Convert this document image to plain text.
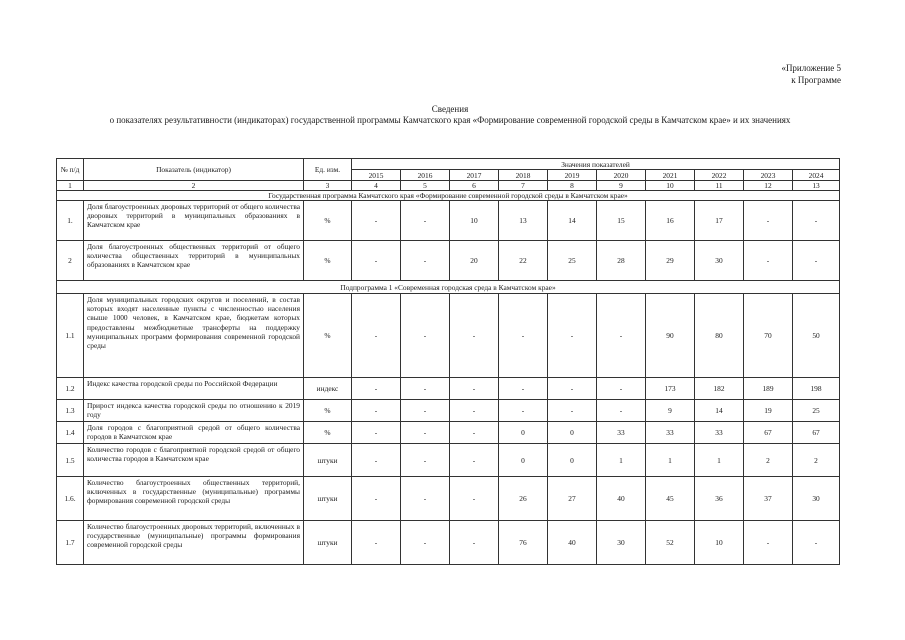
«Приложение 5
к Программе
Сведения
о показателях результативности (индикаторах) государственной программы Камчатского края «Формирование современной городской среды в Камчатском крае» и их значениях
№ п/д	Показатель (индикатор)	Ед. изм.	Значения показателей									
			2015	2016	2017	2018	2019	2020	2021	2022	2023	2024
1	2	3	4	5	6	7	8	9	10	11	12	13
Государственная программа Камчатского края «Формирование современной городской среды в Камчатском крае»												
1.	Доля благоустроенных дворовых территорий от общего количества дворовых территорий в муниципальных образованиях в Камчатском крае	%	-	-	10	13	14	15	16	17	-	-
2	Доля благоустроенных общественных территорий от общего количества общественных территорий в муниципальных образованиях в Камчатском крае	%	-	-	20	22	25	28	29	30	-	-
Подпрограмма 1 «Современная городская среда в Камчатском крае»												
1.1	Доля муниципальных городских округов и поселений, в состав которых входят населенные пункты с численностью населения свыше 1000 человек, в Камчатском крае, бюджетам которых предоставлены межбюджетные трансферты на поддержку муниципальных программ формирования современной городской среды	%	-	-	-	-	-	-	90	80	70	50
1.2	Индекс качества городской среды по Российской Федерации	индекс	-	-	-	-	-	-	173	182	189	198
1.3	Прирост индекса качества городской среды по отношению к 2019 году	%	-	-	-	-	-	-	9	14	19	25
1.4	Доля городов с благоприятной средой от общего количества городов в Камчатском крае	%	-	-	-	0	0	33	33	33	67	67
1.5	Количество городов с благоприятной городской средой от общего количества городов в Камчатском крае	штуки	-	-	-	0	0	1	1	1	2	2
1.6.	Количество благоустроенных общественных территорий, включенных в государственные (муниципальные) программы формирования современной городской среды	штуки	-	-	-	26	27	40	45	36	37	30
1.7	Количество благоустроенных дворовых территорий, включенных в государственные (муниципальные) программы формирования современной городской среды	штуки	-	-	-	76	40	30	52	10	-	-
